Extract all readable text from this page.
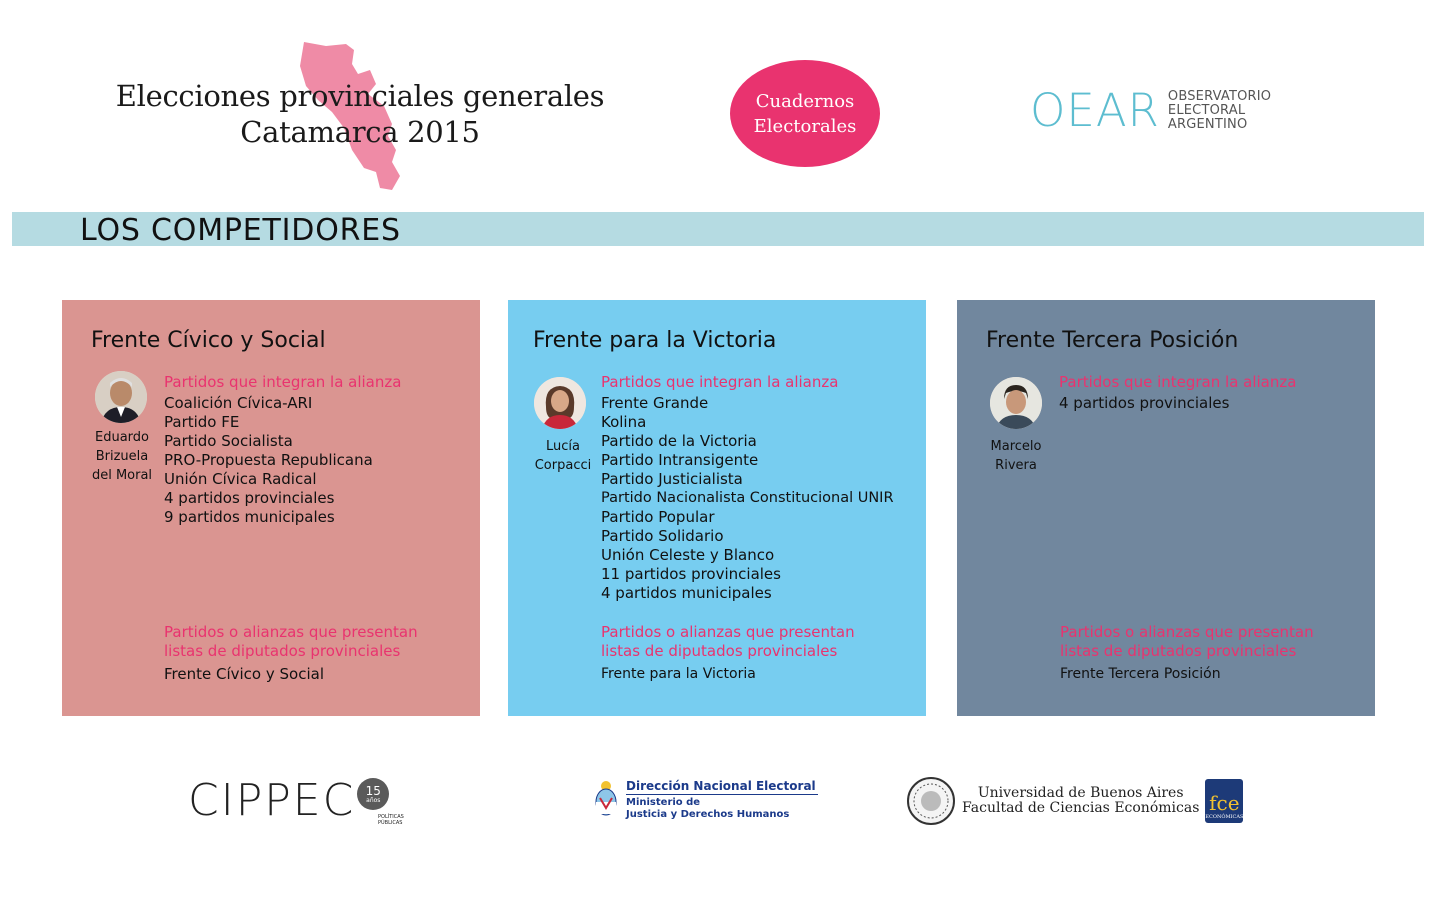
Elecciones provinciales generales
Catamarca 2015
Cuadernos
Electorales	OEAR OBSERVATORIO
ELECTORAL
ARGENTINO
LOS COMPETIDORES
Frente Cívico y Social
Eduardo
Brizuela
del Moral
Partidos que integran la alianza
Coalición Cívica-ARI
Partido FE
Partido Socialista
PRO-Propuesta Republicana
Unión Cívica Radical
4 partidos provinciales
9 partidos municipales
Partidos o alianzas que presentan
listas de diputados provinciales
Frente Cívico y Social
Frente para la Victoria
Lucía
Corpacci
Partidos que integran la alianza
Frente Grande
Kolina
Partido de la Victoria
Partido Intransigente
Partido Justicialista
Partido Nacionalista Constitucional UNIR
Partido Popular
Partido Solidario
Unión Celeste y Blanco
11 partidos provinciales
4 partidos municipales
Partidos o alianzas que presentan
listas de diputados provinciales
Frente para la Victoria
Frente Tercera Posición
Marcelo
Rivera
Partidos que integran la alianza
4 partidos provinciales
Partidos o alianzas que presentan
listas de diputados provinciales
Frente Tercera Posición
CIPPEC 15
años
POLÍTICAS PÚBLICAS
Dirección Nacional Electoral
Ministerio de
Justicia y Derechos Humanos
Universidad de Buenos Aires
Facultad de Ciencias Económicas fce
ECONÓMICAS
